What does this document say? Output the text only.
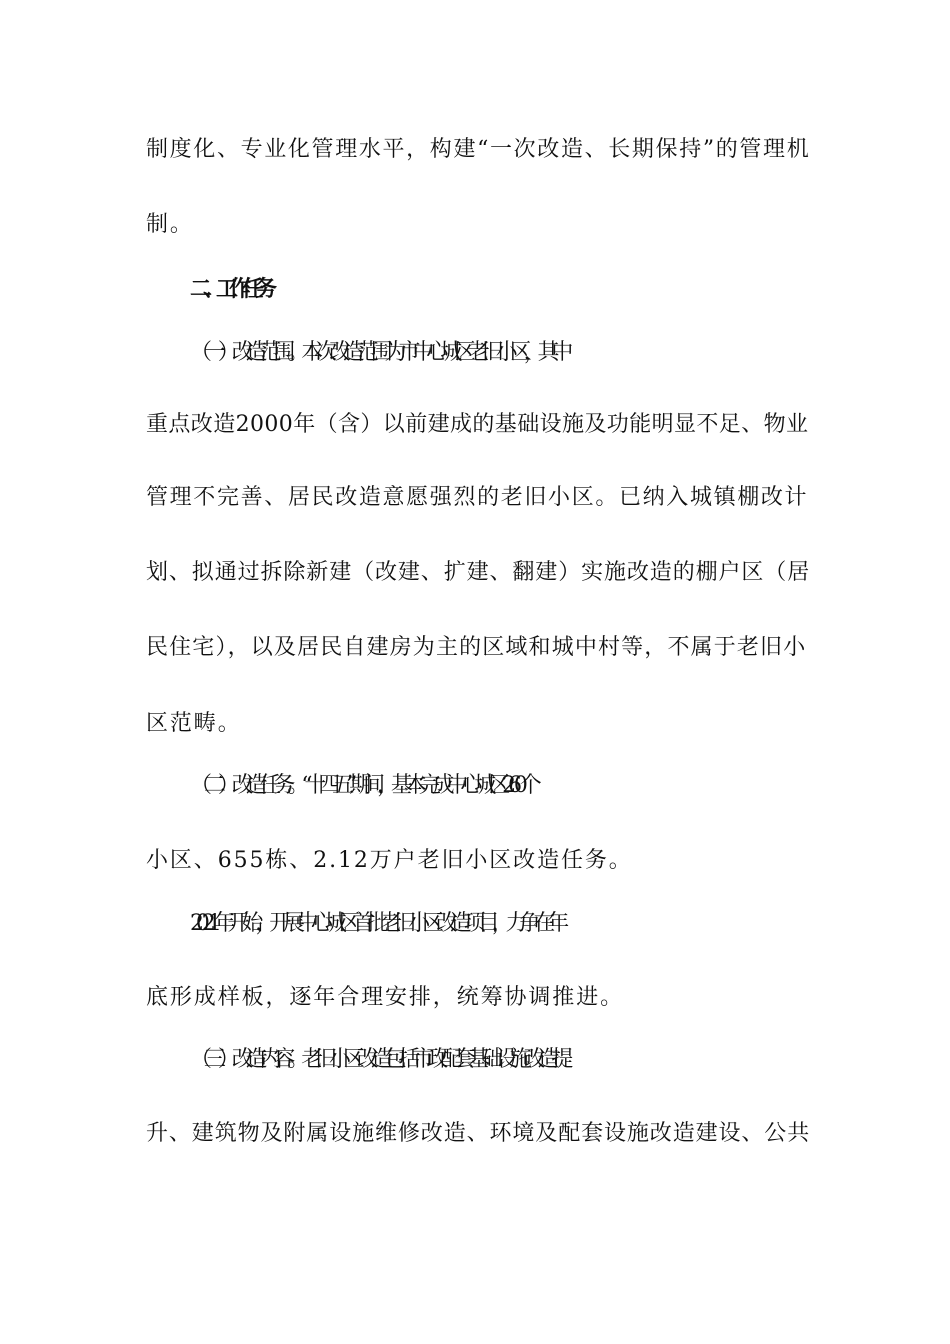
制度化、专业化管理水平，构建“一次改造、长期保持”的管理机
制。
二、工作任务
（一）改造范围。本次改造范围为市中心城区老旧小区，其中
重点改造2000年（含）以前建成的基础设施及功能明显不足、物业
管理不完善、居民改造意愿强烈的老旧小区。已纳入城镇棚改计
划、拟通过拆除新建（改建、扩建、翻建）实施改造的棚户区（居
民住宅），以及居民自建房为主的区域和城中村等，不属于老旧小
区范畴。
（二）改造任务。“十四五”期间，基本完成中心城区260个
小区、655栋、2.12万户老旧小区改造任务。
2021年开始，开展中心城区首批老旧小区改造项目，力争在年
底形成样板，逐年合理安排，统筹协调推进。
（三）改造内容。老旧小区改造包括市政配套基础设施改造提
升、建筑物及附属设施维修改造、环境及配套设施改造建设、公共
